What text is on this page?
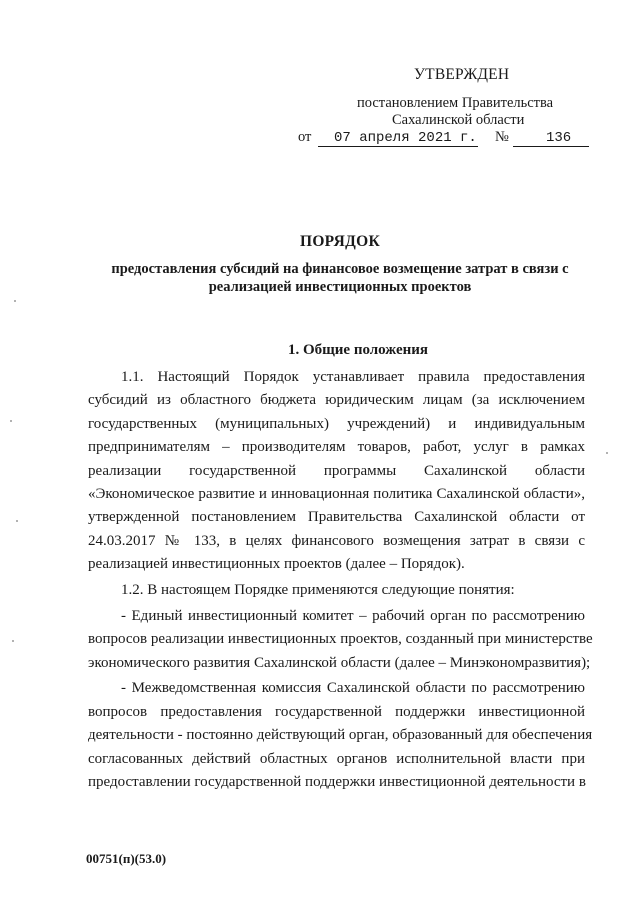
УТВЕРЖДЕН
постановлением Правительства
Сахалинской области
от 07 апреля 2021 г. №	136
ПОРЯДОК
предоставления субсидий на финансовое возмещение затрат в связи с
реализацией инвестиционных проектов
1. Общие положения

1.1. Настоящий Порядок устанавливает правила предоставления
субсидий из областного бюджета юридическим лицам (за исключением
государственных (муниципальных) учреждений) и индивидуальным
предпринимателям – производителям товаров, работ, услуг в рамках
реализации государственной программы Сахалинской области
«Экономическое развитие и инновационная политика Сахалинской области»,
утвержденной постановлением Правительства Сахалинской области от
24.03.2017 № 133, в целях финансового возмещения затрат в связи с
реализацией инвестиционных проектов (далее – Порядок).

1.2. В настоящем Порядке применяются следующие понятия:

- Единый инвестиционный комитет – рабочий орган по рассмотрению
вопросов реализации инвестиционных проектов, созданный при министерстве
экономического развития Сахалинской области (далее – Минэкономразвития);

- Межведомственная комиссия Сахалинской области по рассмотрению
вопросов предоставления государственной поддержки инвестиционной
деятельности - постоянно действующий орган, образованный для обеспечения
согласованных действий областных органов исполнительной власти при
предоставлении государственной поддержки инвестиционной деятельности в

00751(п)(53.0)
